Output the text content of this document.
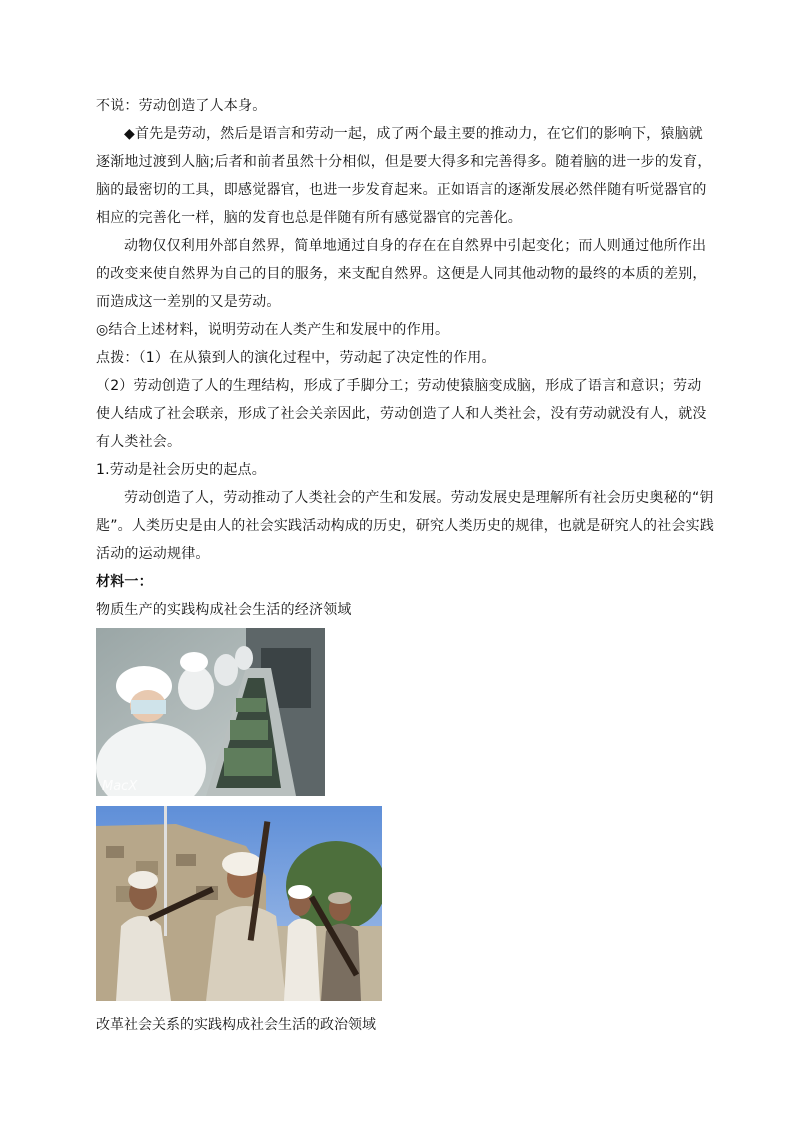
不说：劳动创造了人本身。
◆首先是劳动，然后是语言和劳动一起，成了两个最主要的推动力，在它们的影响下，猿脑就
逐渐地过渡到人脑;后者和前者虽然十分相似，但是要大得多和完善得多。随着脑的进一步的发育，
脑的最密切的工具，即感觉器官，也进一步发育起来。正如语言的逐渐发展必然伴随有听觉器官的
相应的完善化一样，脑的发育也总是伴随有所有感觉器官的完善化。
动物仅仅利用外部自然界，简单地通过自身的存在在自然界中引起变化；而人则通过他所作出
的改变来使自然界为自己的目的服务，来支配自然界。这便是人同其他动物的最终的本质的差别，
而造成这一差别的又是劳动。
◎结合上述材料，说明劳动在人类产生和发展中的作用。
点拨：（1）在从猿到人的演化过程中，劳动起了决定性的作用。
（2）劳动创造了人的生理结构，形成了手脚分工；劳动使猿脑变成脑，形成了语言和意识；劳动
使人结成了社会联亲，形成了社会关亲因此，劳动创造了人和人类社会，没有劳动就没有人，就没
有人类社会。
1.劳动是社会历史的起点。
劳动创造了人，劳动推动了人类社会的产生和发展。劳动发展史是理解所有社会历史奥秘的“钥
匙”。人类历史是由人的社会实践活动构成的历史，研究人类历史的规律，也就是研究人的社会实践
活动的运动规律。
材料一：
物质生产的实践构成社会生活的经济领域
MacX
改革社会关系的实践构成社会生活的政治领域
